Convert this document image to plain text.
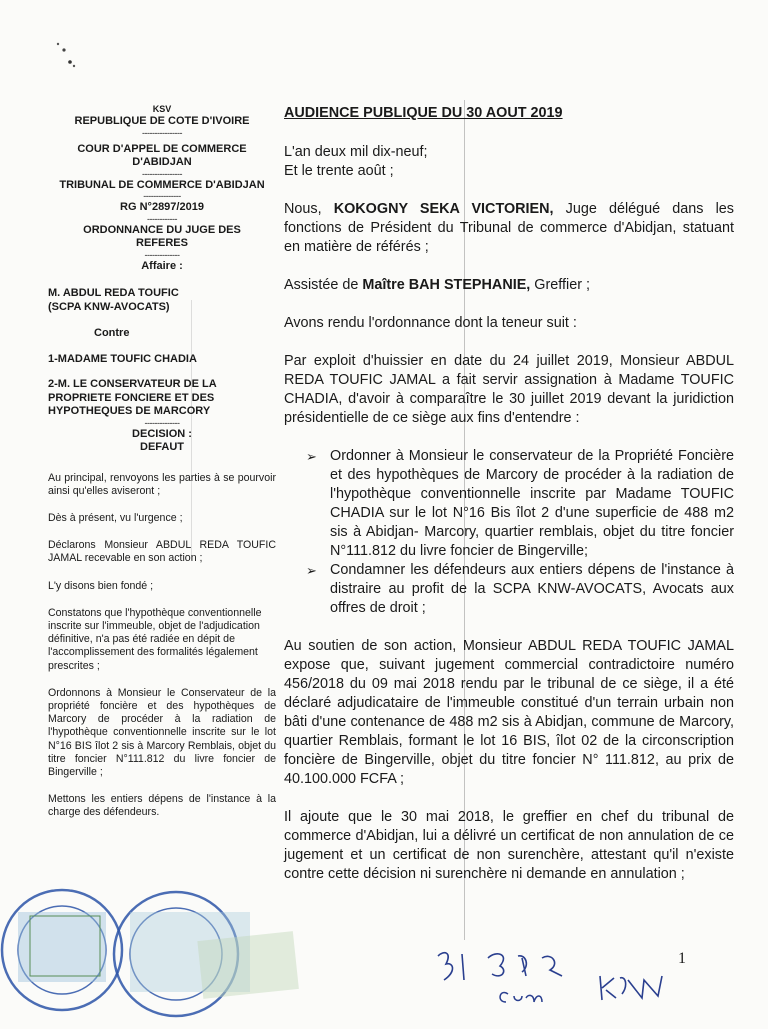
KSV
REPUBLIQUE DE COTE D'IVOIRE
----------------
COUR D'APPEL DE COMMERCE
D'ABIDJAN
----------------
TRIBUNAL DE COMMERCE D'ABIDJAN
---------------
RG N°2897/2019
------------
ORDONNANCE DU JUGE DES
REFERES
--------------
Affaire :
M. ABDUL REDA TOUFIC
(SCPA KNW-AVOCATS)
Contre
1-MADAME TOUFIC CHADIA
2-M. LE CONSERVATEUR DE LA
PROPRIETE FONCIERE ET DES
HYPOTHEQUES DE MARCORY
--------------
DECISION :
DEFAUT
Au principal, renvoyons les parties à se pourvoir ainsi qu'elles aviseront ;
Dès à présent, vu l'urgence ;
Déclarons Monsieur ABDUL REDA TOUFIC JAMAL recevable en son action ;
L'y disons bien fondé ;
Constatons que l'hypothèque conventionnelle inscrite sur l'immeuble, objet de l'adjudication définitive, n'a pas été radiée en dépit de l'accomplissement des formalités légalement prescrites ;
Ordonnons à Monsieur le Conservateur de la propriété foncière et des hypothèques de Marcory de procéder à la radiation de l'hypothèque conventionnelle inscrite sur le lot N°16 BIS îlot 2 sis à Marcory Remblais, objet du titre foncier N°111.812 du livre foncier de Bingerville ;
Mettons les entiers dépens de l'instance à la charge des défendeurs.

AUDIENCE PUBLIQUE DU 30 AOUT 2019

L'an deux mil dix-neuf;

Et le trente août ;

Nous, KOKOGNY SEKA VICTORIEN, Juge délégué dans les fonctions de Président du Tribunal de commerce d'Abidjan, statuant en matière de référés ;

Assistée de Maître BAH STEPHANIE, Greffier ;

Avons rendu l'ordonnance dont la teneur suit :

Par exploit d'huissier en date du 24 juillet 2019, Monsieur ABDUL REDA TOUFIC JAMAL a fait servir assignation à Madame TOUFIC CHADIA, d'avoir à comparaître le 30 juillet 2019 devant la juridiction présidentielle de ce siège aux fins d'entendre :

➢ Ordonner à Monsieur le conservateur de la Propriété Foncière et des hypothèques de Marcory de procéder à la radiation de l'hypothèque conventionnelle inscrite par Madame TOUFIC CHADIA sur le lot N°16 Bis îlot 2 d'une superficie de 488 m2 sis à Abidjan- Marcory, quartier remblais, objet du titre foncier N°111.812 du livre foncier de Bingerville;
➢ Condamner les défendeurs aux entiers dépens de l'instance à distraire au profit de la SCPA KNW-AVOCATS, Avocats aux offres de droit ;

Au soutien de son action, Monsieur ABDUL REDA TOUFIC JAMAL expose que, suivant jugement commercial contradictoire numéro 456/2018 du 09 mai 2018 rendu par le tribunal de ce siège, il a été déclaré adjudicataire de l'immeuble constitué d'un terrain urbain non bâti d'une contenance de 488 m2 sis à Abidjan, commune de Marcory, quartier Remblais, formant le lot 16 BIS, îlot 02 de la circonscription foncière de Bingerville, objet du titre foncier N° 111.812, au prix de 40.100.000 FCFA ;

Il ajoute que le 30 mai 2018, le greffier en chef du tribunal de commerce d'Abidjan, lui a délivré un certificat de non annulation de ce jugement et un certificat de non surenchère, attestant qu'il n'existe contre cette décision ni surenchère ni demande en annulation ;

1
